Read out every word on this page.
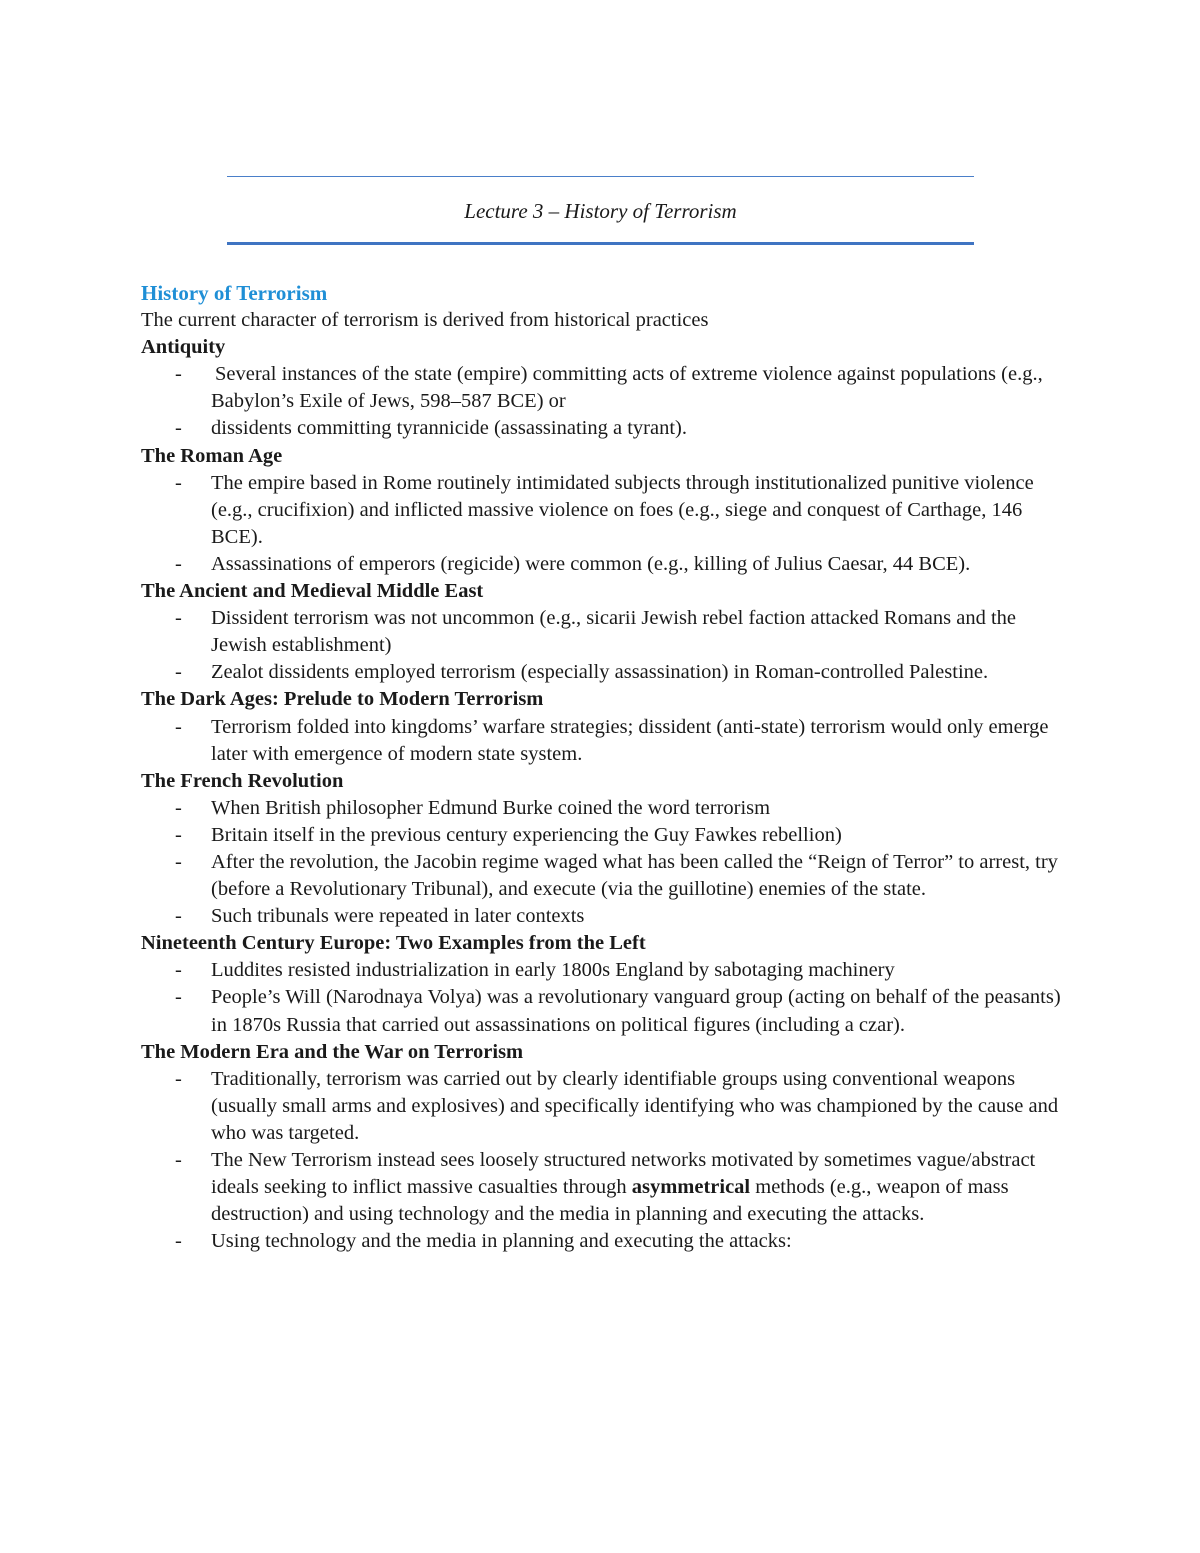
Lecture 3 – History of Terrorism
History of Terrorism

The current character of terrorism is derived from historical practices

Antiquity
- Several instances of the state (empire) committing acts of extreme violence against populations (e.g., Babylon’s Exile of Jews, 598–587 BCE) or
- dissidents committing tyrannicide (assassinating a tyrant).
The Roman Age
- The empire based in Rome routinely intimidated subjects through institutionalized punitive violence (e.g., crucifixion) and inflicted massive violence on foes (e.g., siege and conquest of Carthage, 146 BCE).
- Assassinations of emperors (regicide) were common (e.g., killing of Julius Caesar, 44 BCE).
The Ancient and Medieval Middle East
- Dissident terrorism was not uncommon (e.g., sicarii Jewish rebel faction attacked Romans and the Jewish establishment)
- Zealot dissidents employed terrorism (especially assassination) in Roman-controlled Palestine.
The Dark Ages: Prelude to Modern Terrorism
- Terrorism folded into kingdoms’ warfare strategies; dissident (anti-state) terrorism would only emerge later with emergence of modern state system.
The French Revolution
- When British philosopher Edmund Burke coined the word terrorism
- Britain itself in the previous century experiencing the Guy Fawkes rebellion)
- After the revolution, the Jacobin regime waged what has been called the “Reign of Terror” to arrest, try (before a Revolutionary Tribunal), and execute (via the guillotine) enemies of the state.
- Such tribunals were repeated in later contexts
Nineteenth Century Europe: Two Examples from the Left
- Luddites resisted industrialization in early 1800s England by sabotaging machinery
- People’s Will (Narodnaya Volya) was a revolutionary vanguard group (acting on behalf of the peasants) in 1870s Russia that carried out assassinations on political figures (including a czar).
The Modern Era and the War on Terrorism
- Traditionally, terrorism was carried out by clearly identifiable groups using conventional weapons (usually small arms and explosives) and specifically identifying who was championed by the cause and who was targeted.
- The New Terrorism instead sees loosely structured networks motivated by sometimes vague/abstract ideals seeking to inflict massive casualties through asymmetrical methods (e.g., weapon of mass destruction) and using technology and the media in planning and executing the attacks.
- Using technology and the media in planning and executing the attacks:
